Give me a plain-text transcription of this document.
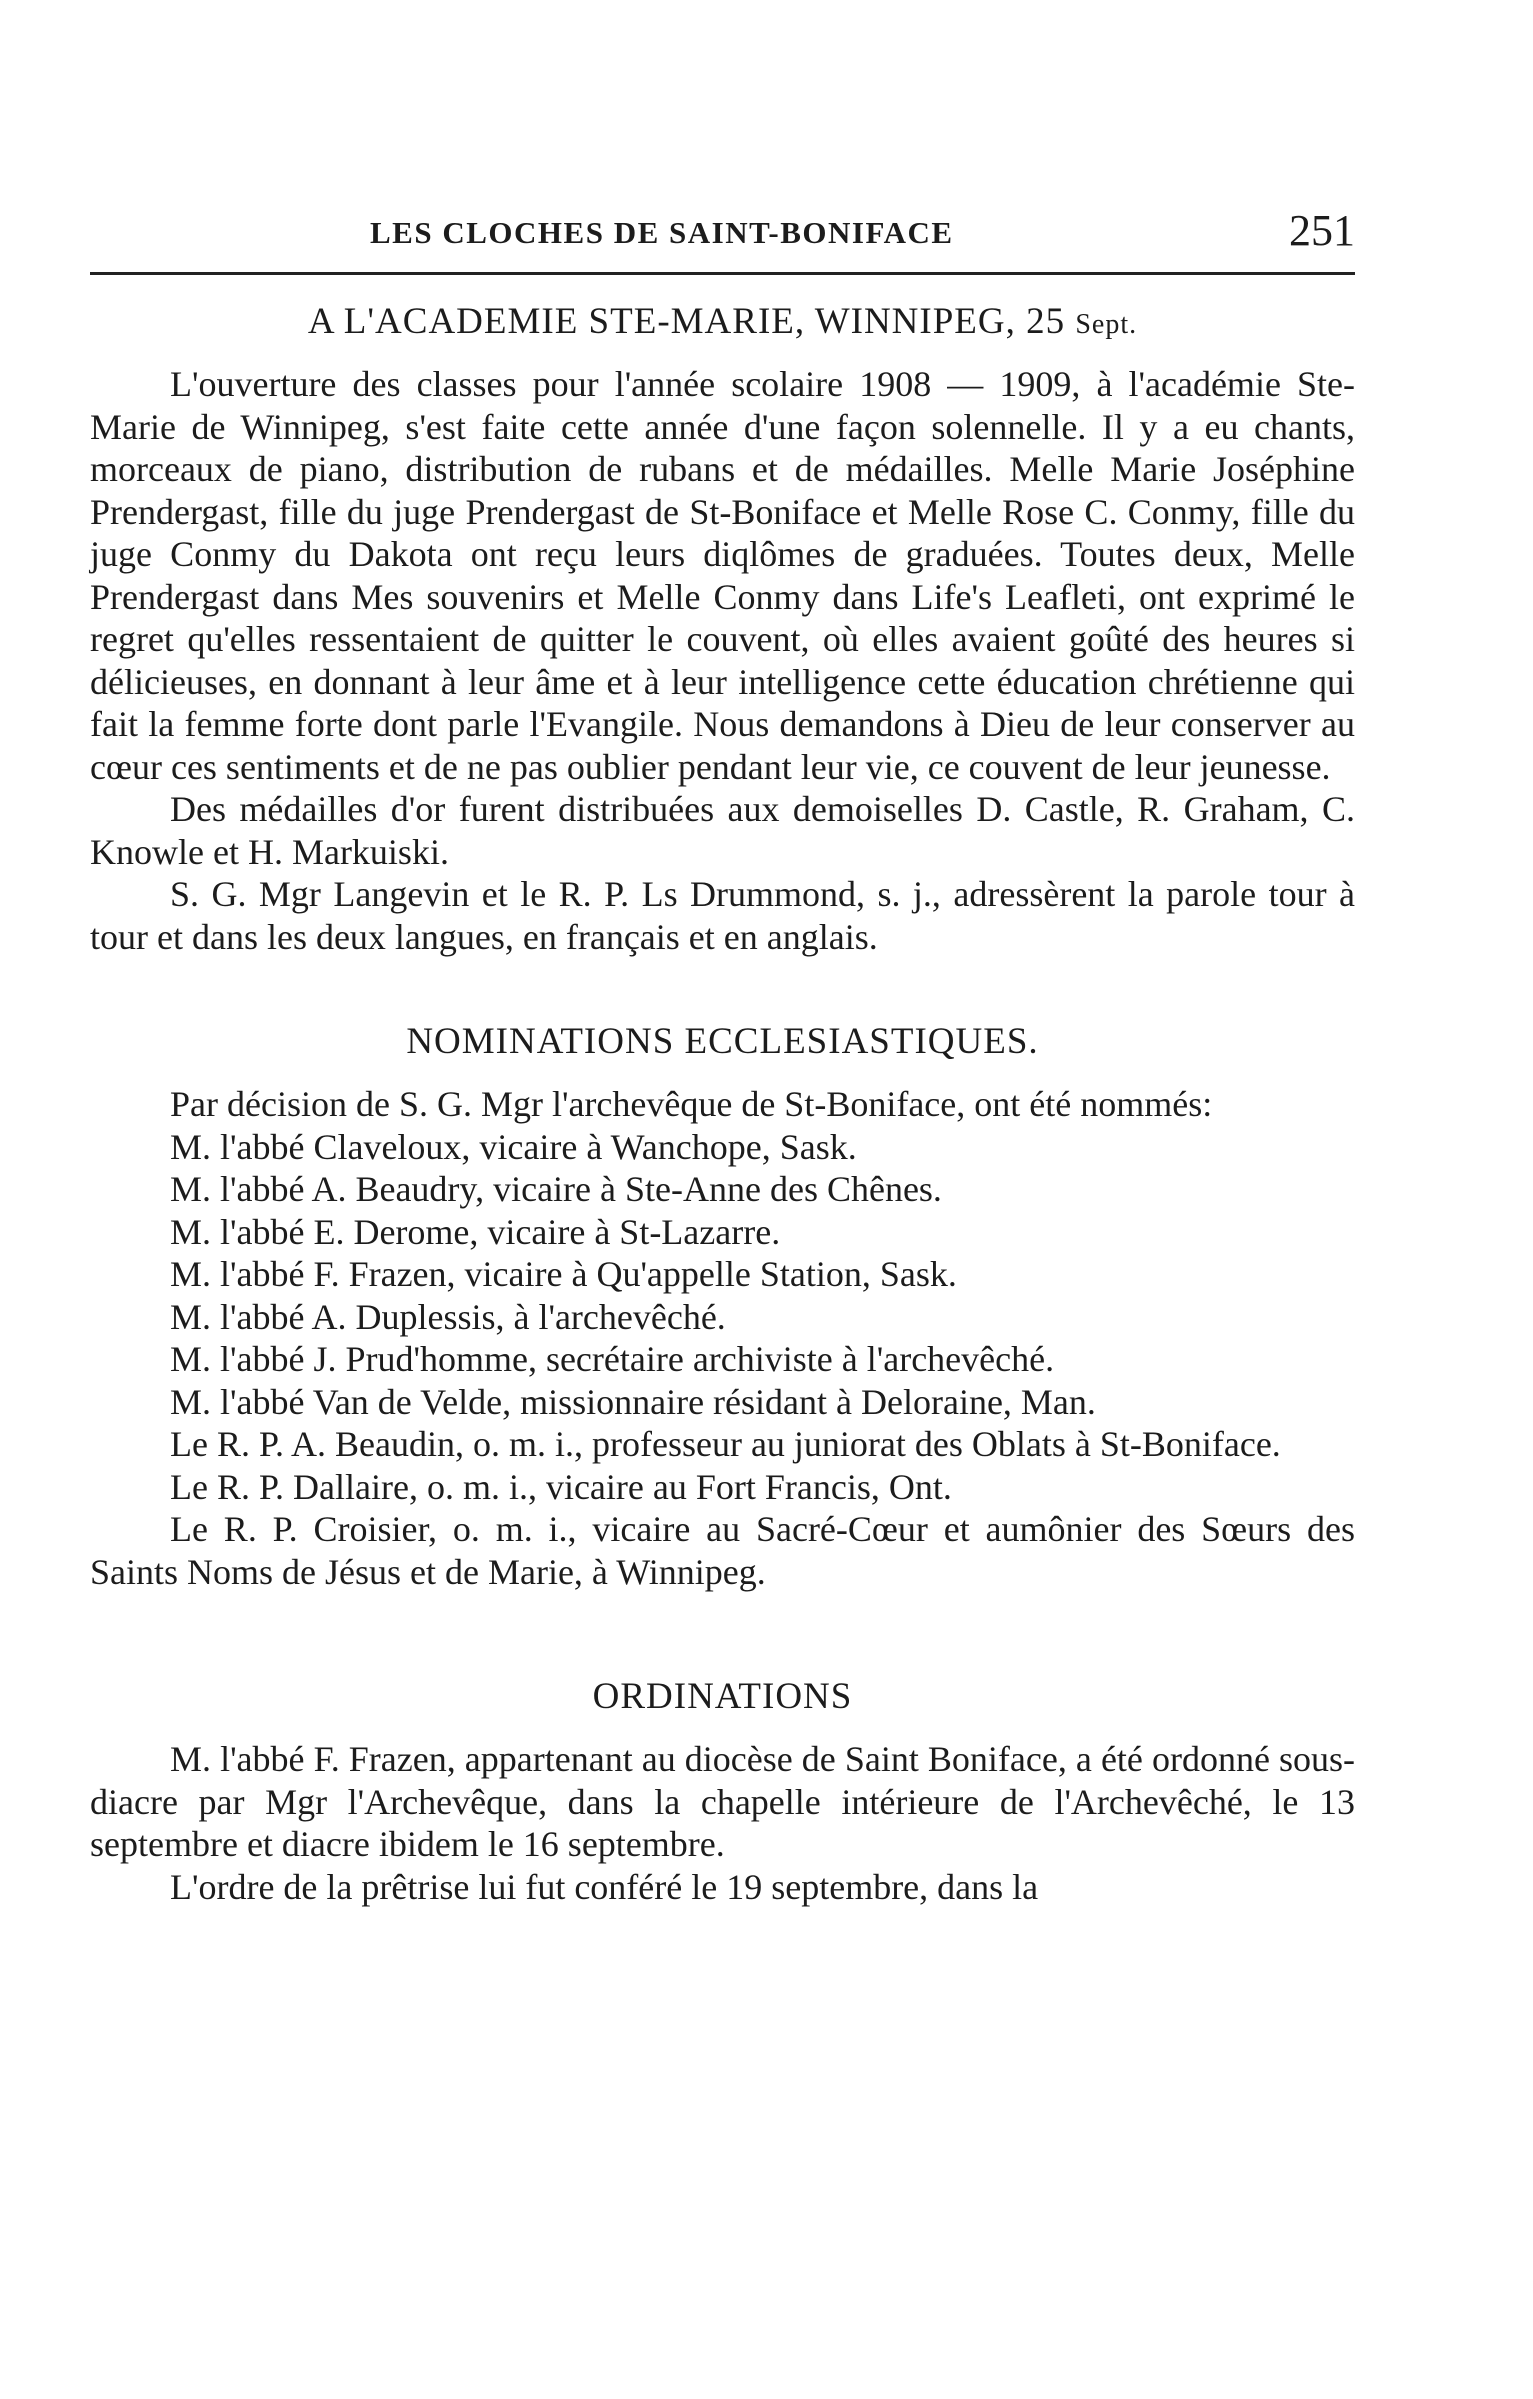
LES CLOCHES DE SAINT-BONIFACE	251
A L'ACADEMIE STE-MARIE, WINNIPEG, 25 Sept.

L'ouverture des classes pour l'année scolaire 1908 — 1909, à l'académie Ste-Marie de Winnipeg, s'est faite cette année d'une façon solennelle. Il y a eu chants, morceaux de piano, distribution de rubans et de médailles. Melle Marie Joséphine Prendergast, fille du juge Prendergast de St-Boniface et Melle Rose C. Conmy, fille du juge Conmy du Dakota ont reçu leurs diqlômes de graduées. Toutes deux, Melle Prendergast dans Mes souvenirs et Melle Conmy dans Life's Leafleti, ont exprimé le regret qu'elles ressentaient de quitter le couvent, où elles avaient goûté des heures si délicieuses, en donnant à leur âme et à leur intelligence cette éducation chrétienne qui fait la femme forte dont parle l'Evangile. Nous demandons à Dieu de leur conserver au cœur ces sentiments et de ne pas oublier pendant leur vie, ce couvent de leur jeunesse.

Des médailles d'or furent distribuées aux demoiselles D. Castle, R. Graham, C. Knowle et H. Markuiski.

S. G. Mgr Langevin et le R. P. Ls Drummond, s. j., adressèrent la parole tour à tour et dans les deux langues, en français et en anglais.

NOMINATIONS ECCLESIASTIQUES.

Par décision de S. G. Mgr l'archevêque de St-Boniface, ont été nommés:

M. l'abbé Claveloux, vicaire à Wanchope, Sask.

M. l'abbé A. Beaudry, vicaire à Ste-Anne des Chênes.

M. l'abbé E. Derome, vicaire à St-Lazarre.

M. l'abbé F. Frazen, vicaire à Qu'appelle Station, Sask.

M. l'abbé A. Duplessis, à l'archevêché.

M. l'abbé J. Prud'homme, secrétaire archiviste à l'archevêché.

M. l'abbé Van de Velde, missionnaire résidant à Deloraine, Man.

Le R. P. A. Beaudin, o. m. i., professeur au juniorat des Oblats à St-Boniface.

Le R. P. Dallaire, o. m. i., vicaire au Fort Francis, Ont.

Le R. P. Croisier, o. m. i., vicaire au Sacré-Cœur et aumônier des Sœurs des Saints Noms de Jésus et de Marie, à Winnipeg.

ORDINATIONS

M. l'abbé F. Frazen, appartenant au diocèse de Saint Boniface, a été ordonné sous-diacre par Mgr l'Archevêque, dans la chapelle intérieure de l'Archevêché, le 13 septembre et diacre ibidem le 16 septembre.

L'ordre de la prêtrise lui fut conféré le 19 septembre, dans la
